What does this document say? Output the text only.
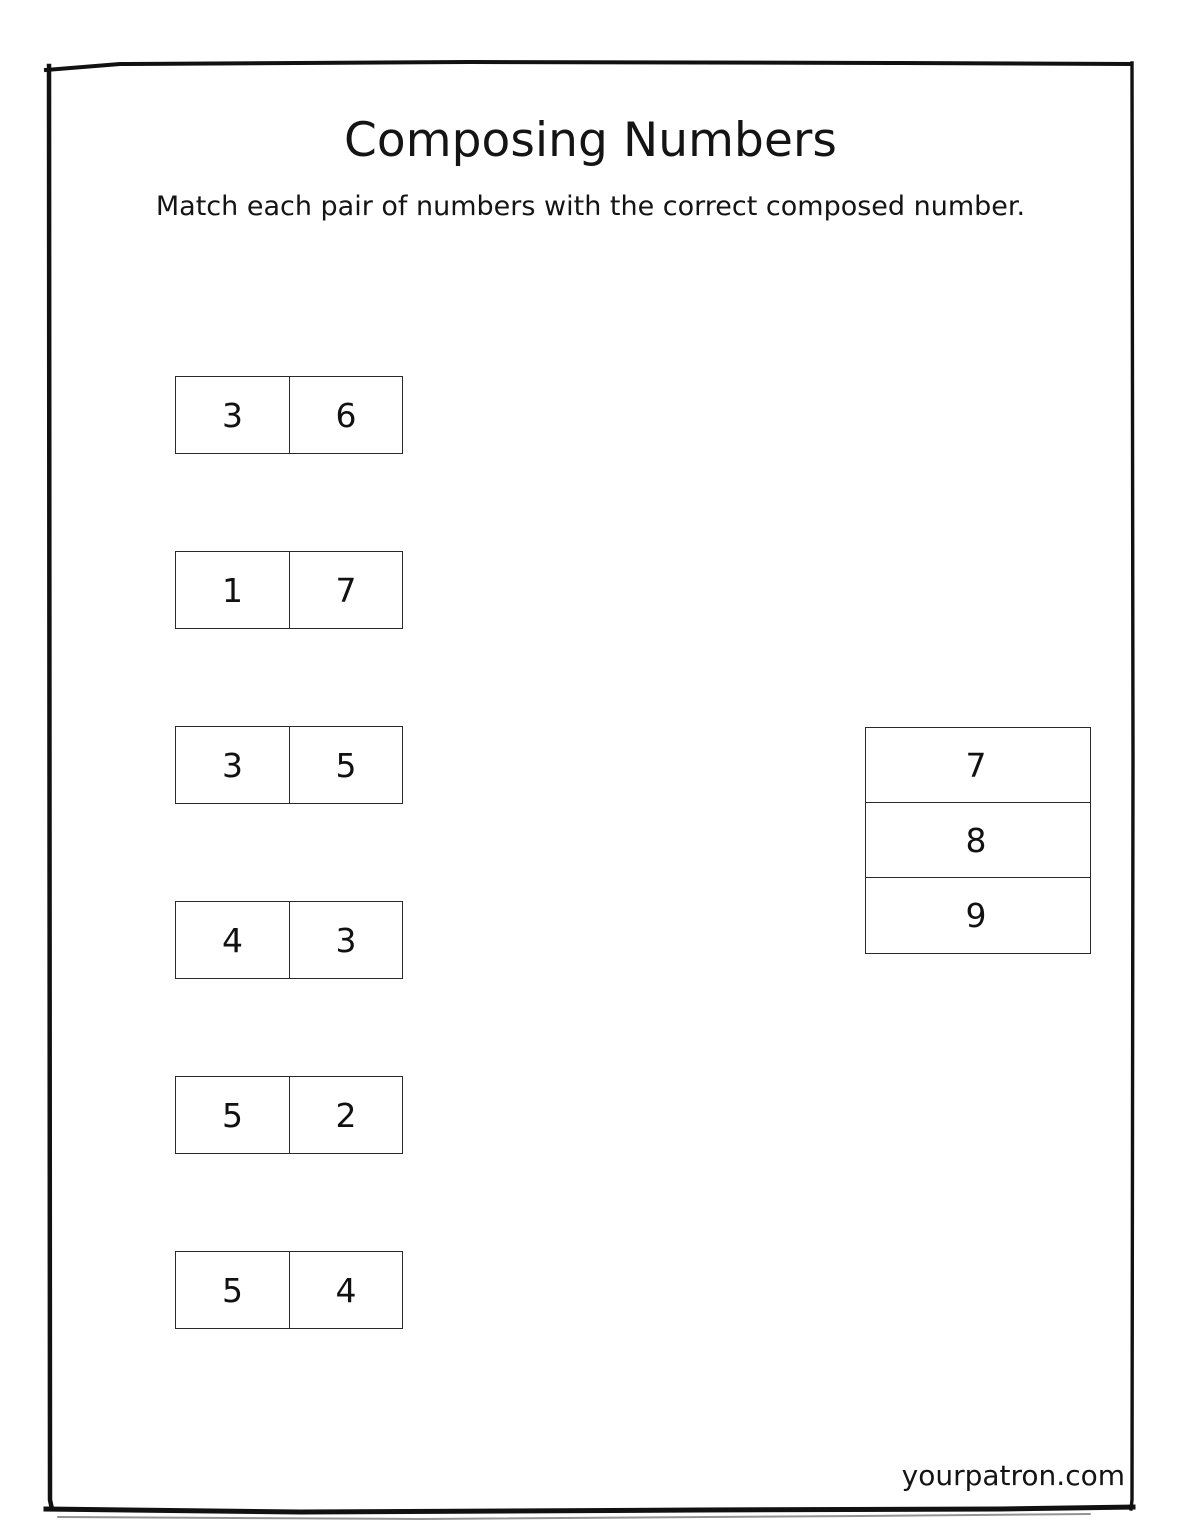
Composing Numbers

Match each pair of numbers with the correct composed number.

3	6
1	7
3	5
4	3
5	2
5	4
7
8
9
yourpatron.com
